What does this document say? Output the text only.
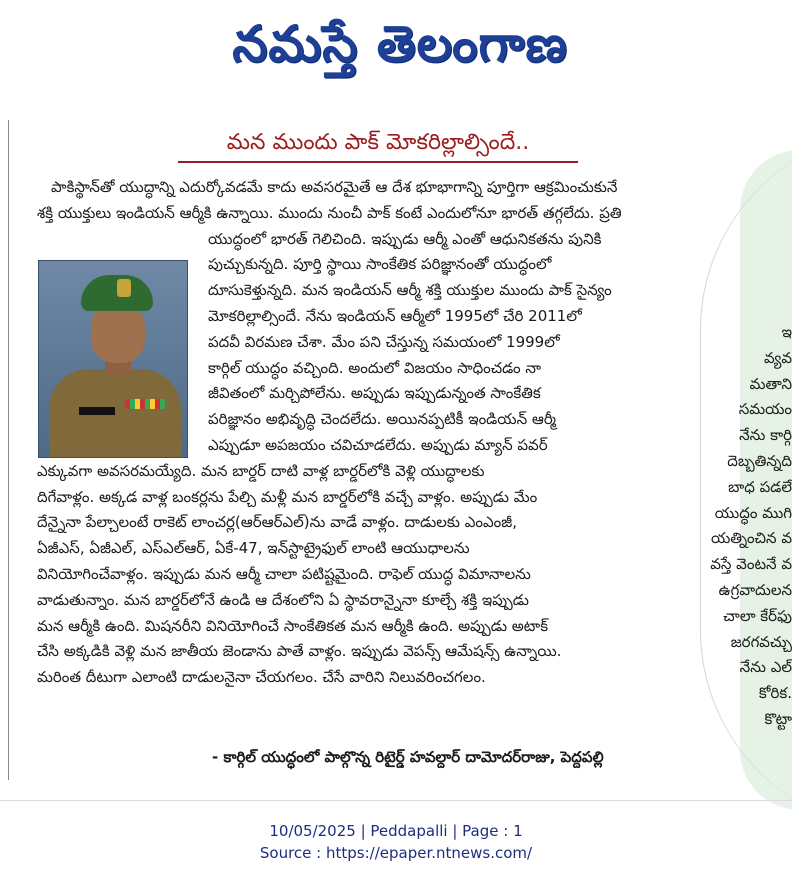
నమస్తే తెలంగాణ
ఇ
వ్యవ
మతాని
సమయం
నేను కార్గి
దెబ్బతిన్నది
బాధ పడలే
యుద్ధం ముగి
యత్నించిన వ
వస్తే వెంటనే వ
ఉగ్రవాదులన
చాలా కేర్‌ఫు
జరగవచ్చు
నేను ఎల్
కోరిక.
కొట్టా
మన ముందు పాక్ మోకరిల్లాల్సిందే..
పాకిస్థాన్‌తో యుద్ధాన్ని ఎదుర్కోవడమే కాదు అవసరమైతే ఆ దేశ భూభాగాన్ని పూర్తిగా ఆక్రమించుకునే
శక్తి యుక్తులు ఇండియన్ ఆర్మీకి ఉన్నాయి. ముందు నుంచీ పాక్ కంటే ఎందులోనూ భారత్ తగ్గలేదు. ప్రతి
యుద్ధంలో భారత్ గెలిచింది. ఇప్పుడు ఆర్మీ ఎంతో ఆధునికతను పునికి
పుచ్చుకున్నది. పూర్తి స్థాయి సాంకేతిక పరిజ్ఞానంతో యుద్ధంలో
దూసుకెళ్తున్నది. మన ఇండియన్ ఆర్మీ శక్తి యుక్తుల ముందు పాక్ సైన్యం
మోకరిల్లాల్సిందే. నేను ఇండియన్ ఆర్మీలో 1995లో చేరి 2011లో
పదవీ విరమణ చేశా. మేం పని చేస్తున్న సమయంలో 1999లో
కార్గిల్ యుద్ధం వచ్చింది. అందులో విజయం సాధించడం నా
జీవితంలో మర్చిపోలేను. అప్పుడు ఇప్పుడున్నంత సాంకేతిక
పరిజ్ఞానం అభివృద్ధి చెందలేదు. అయినప్పటికీ ఇండియన్ ఆర్మీ
ఎప్పుడూ అపజయం చవిచూడలేదు. అప్పుడు మ్యాన్ పవర్
ఎక్కువగా అవసరమయ్యేది. మన బార్డర్ దాటి వాళ్ల బార్డర్‌లోకి వెళ్లి యుద్ధాలకు
దిగేవాళ్లం. అక్కడ వాళ్ల బంకర్లను పేల్చి మళ్లీ మన బార్డర్‌లోకి వచ్చే వాళ్లం. అప్పుడు మేం
దేన్నైనా పేల్చాలంటే రాకెట్ లాంచర్ల(ఆర్‌ఆర్‌ఎల్)ను వాడే వాళ్లం. దాడులకు ఎంఎంజీ,
ఏజీఎస్, ఏజీఎల్, ఎస్‌ఎల్‌ఆర్, ఏకే-47, ఇన్‌స్టాట్రైఫుల్ లాంటి ఆయుధాలను
వినియోగించేవాళ్లం. ఇప్పుడు మన ఆర్మీ చాలా పటిష్టమైంది. రాఫెల్ యుద్ధ విమానాలను
వాడుతున్నాం. మన బార్డర్‌లోనే ఉండి ఆ దేశంలోని ఏ స్థావరాన్నైనా కూల్చే శక్తి ఇప్పుడు
మన ఆర్మీకి ఉంది. మిషనరీని వినియోగించే సాంకేతికత మన ఆర్మీకి ఉంది. అప్పుడు అటాక్
చేసి అక్కడికి వెళ్లి మన జాతీయ జెండాను పాతే వాళ్లం. ఇప్పుడు వెపన్స్ ఆమేషన్స్ ఉన్నాయి.
మరింత దీటుగా ఎలాంటి దాడులనైనా చేయగలం. చేసే వారిని నిలువరించగలం.
- కార్గిల్ యుద్ధంలో పాల్గొన్న రిటైర్డ్ హవల్దార్ దామోదర్‌రాజు, పెద్దపల్లి
10/05/2025 | Peddapalli | Page : 1
Source : https://epaper.ntnews.com/
